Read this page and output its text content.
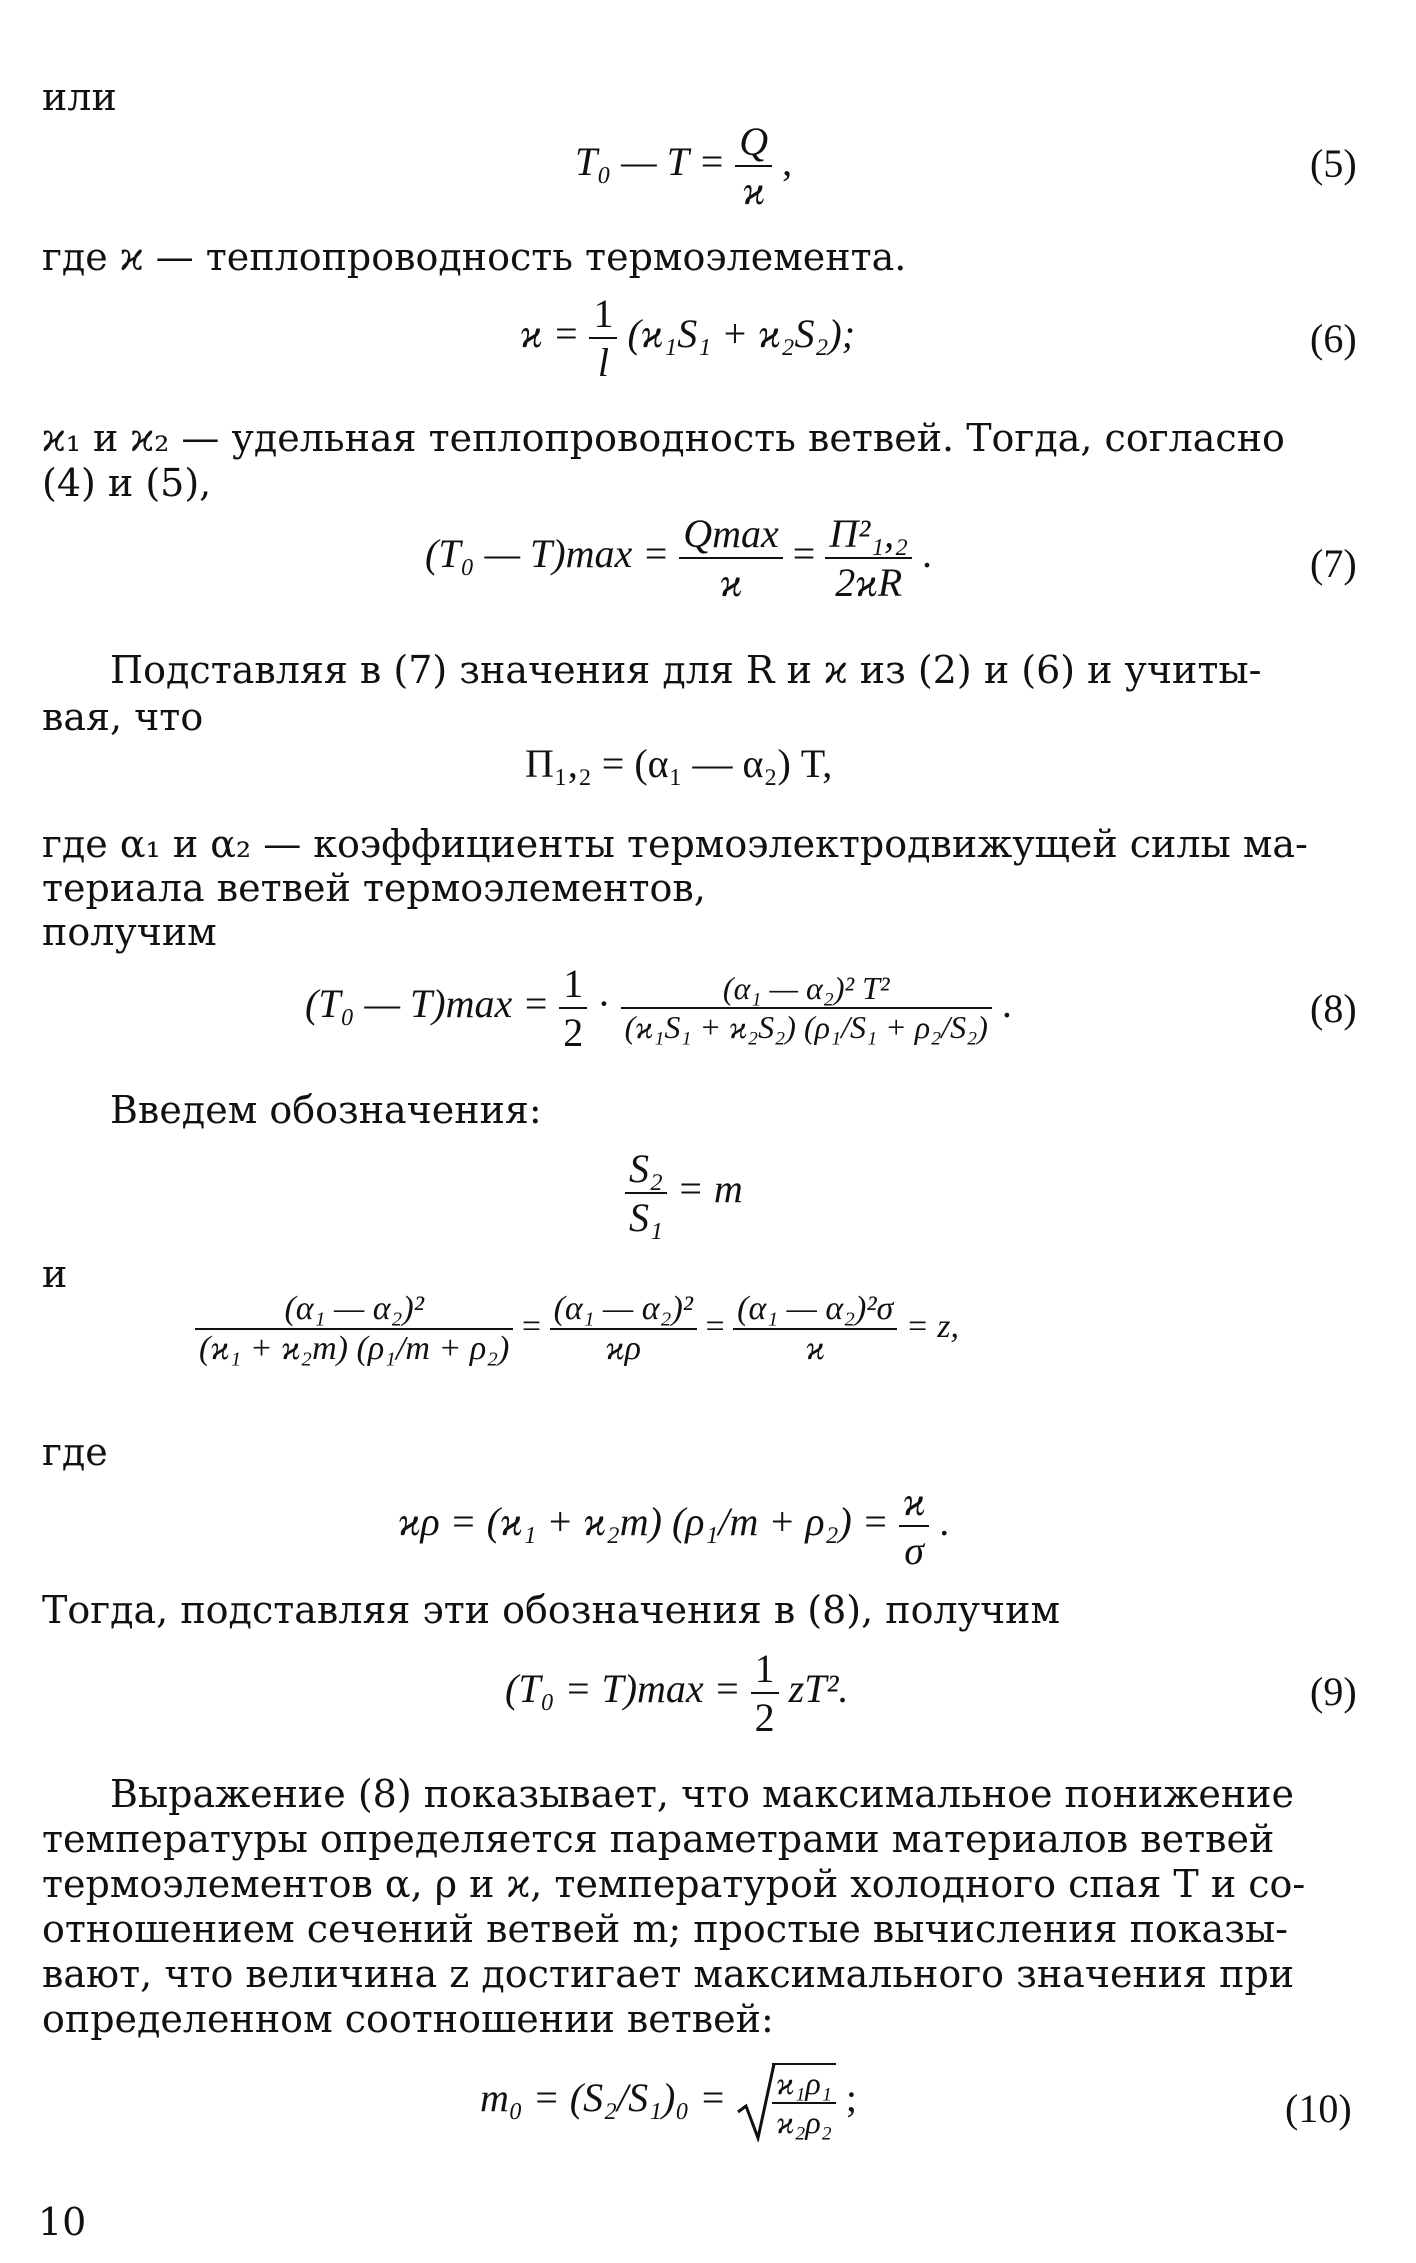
или
T₀ — $T = \frac{Q}{ϰ}$ ,	(5)
где ϰ — теплопроводность термоэлемента.
$ϰ = \frac{1}{l} (ϰ_1S_1 + ϰ_2S_2)$;	(6)
ϰ₁ и ϰ₂ — удельная теплопроводность ветвей. Тогда, согласно
(4) и (5),
(T₀ — $T)\max = \frac{Qmax}{ϰ} = \frac{\text{Π²₁,₂}}{2ϰR}$ .	(7)
Подставляя в (7) значения для R и ϰ из (2) и (6) и учиты-
вая, что
Π₁,₂ = (α₁ — α₂) T,
где α₁ и α₂ — коэффициенты термоэлектродвижущей силы ма-
териала ветвей термоэлементов,
получим
(T₀ — $T)\max = \frac{1}{2} \cdot \frac{\text{(α₁ — α₂)² T²}}{\text{(ϰ₁S₁ + ϰ₂S₂) (ρ₁/S₁ + ρ₂/S₂)}}$ .	(8)
Введем обозначения:
$\frac{\text{S₂}}{\text{S₁}} = m$
и
$\frac{\text{(α₁ — α₂)²}}{\text{(ϰ₁ + ϰ₂m) (ρ₁/m + ρ₂)}} = \frac{\text{(α₁ — α₂)²}}{ϰ\rho} = \frac{\text{(α₁ — α₂)²σ}}{ϰ} = z$,
где
ϰρ = (ϰ₁ + ϰ₂m) $(\rho_1/m + \rho_2) = \frac{ϰ}{\sigma}$ .
Тогда, подставляя эти обозначения в (8), получим
$(T_0 = T)\max = \frac{1}{2} zT^2$.	(9)
Выражение (8) показывает, что максимальное понижение
температуры определяется параметрами материалов ветвей
термоэлементов α, ρ и ϰ, температурой холодного спая T и со-
отношением сечений ветвей m; простые вычисления показы-
вают, что величина z достигает максимального значения при
определенном соотношении ветвей:
$m_0 = (S_2/S_1)_0 = \frac{\text{ϰ₁ρ₁}}{\text{ϰ₂ρ₂}}$ ;	(10)
10
